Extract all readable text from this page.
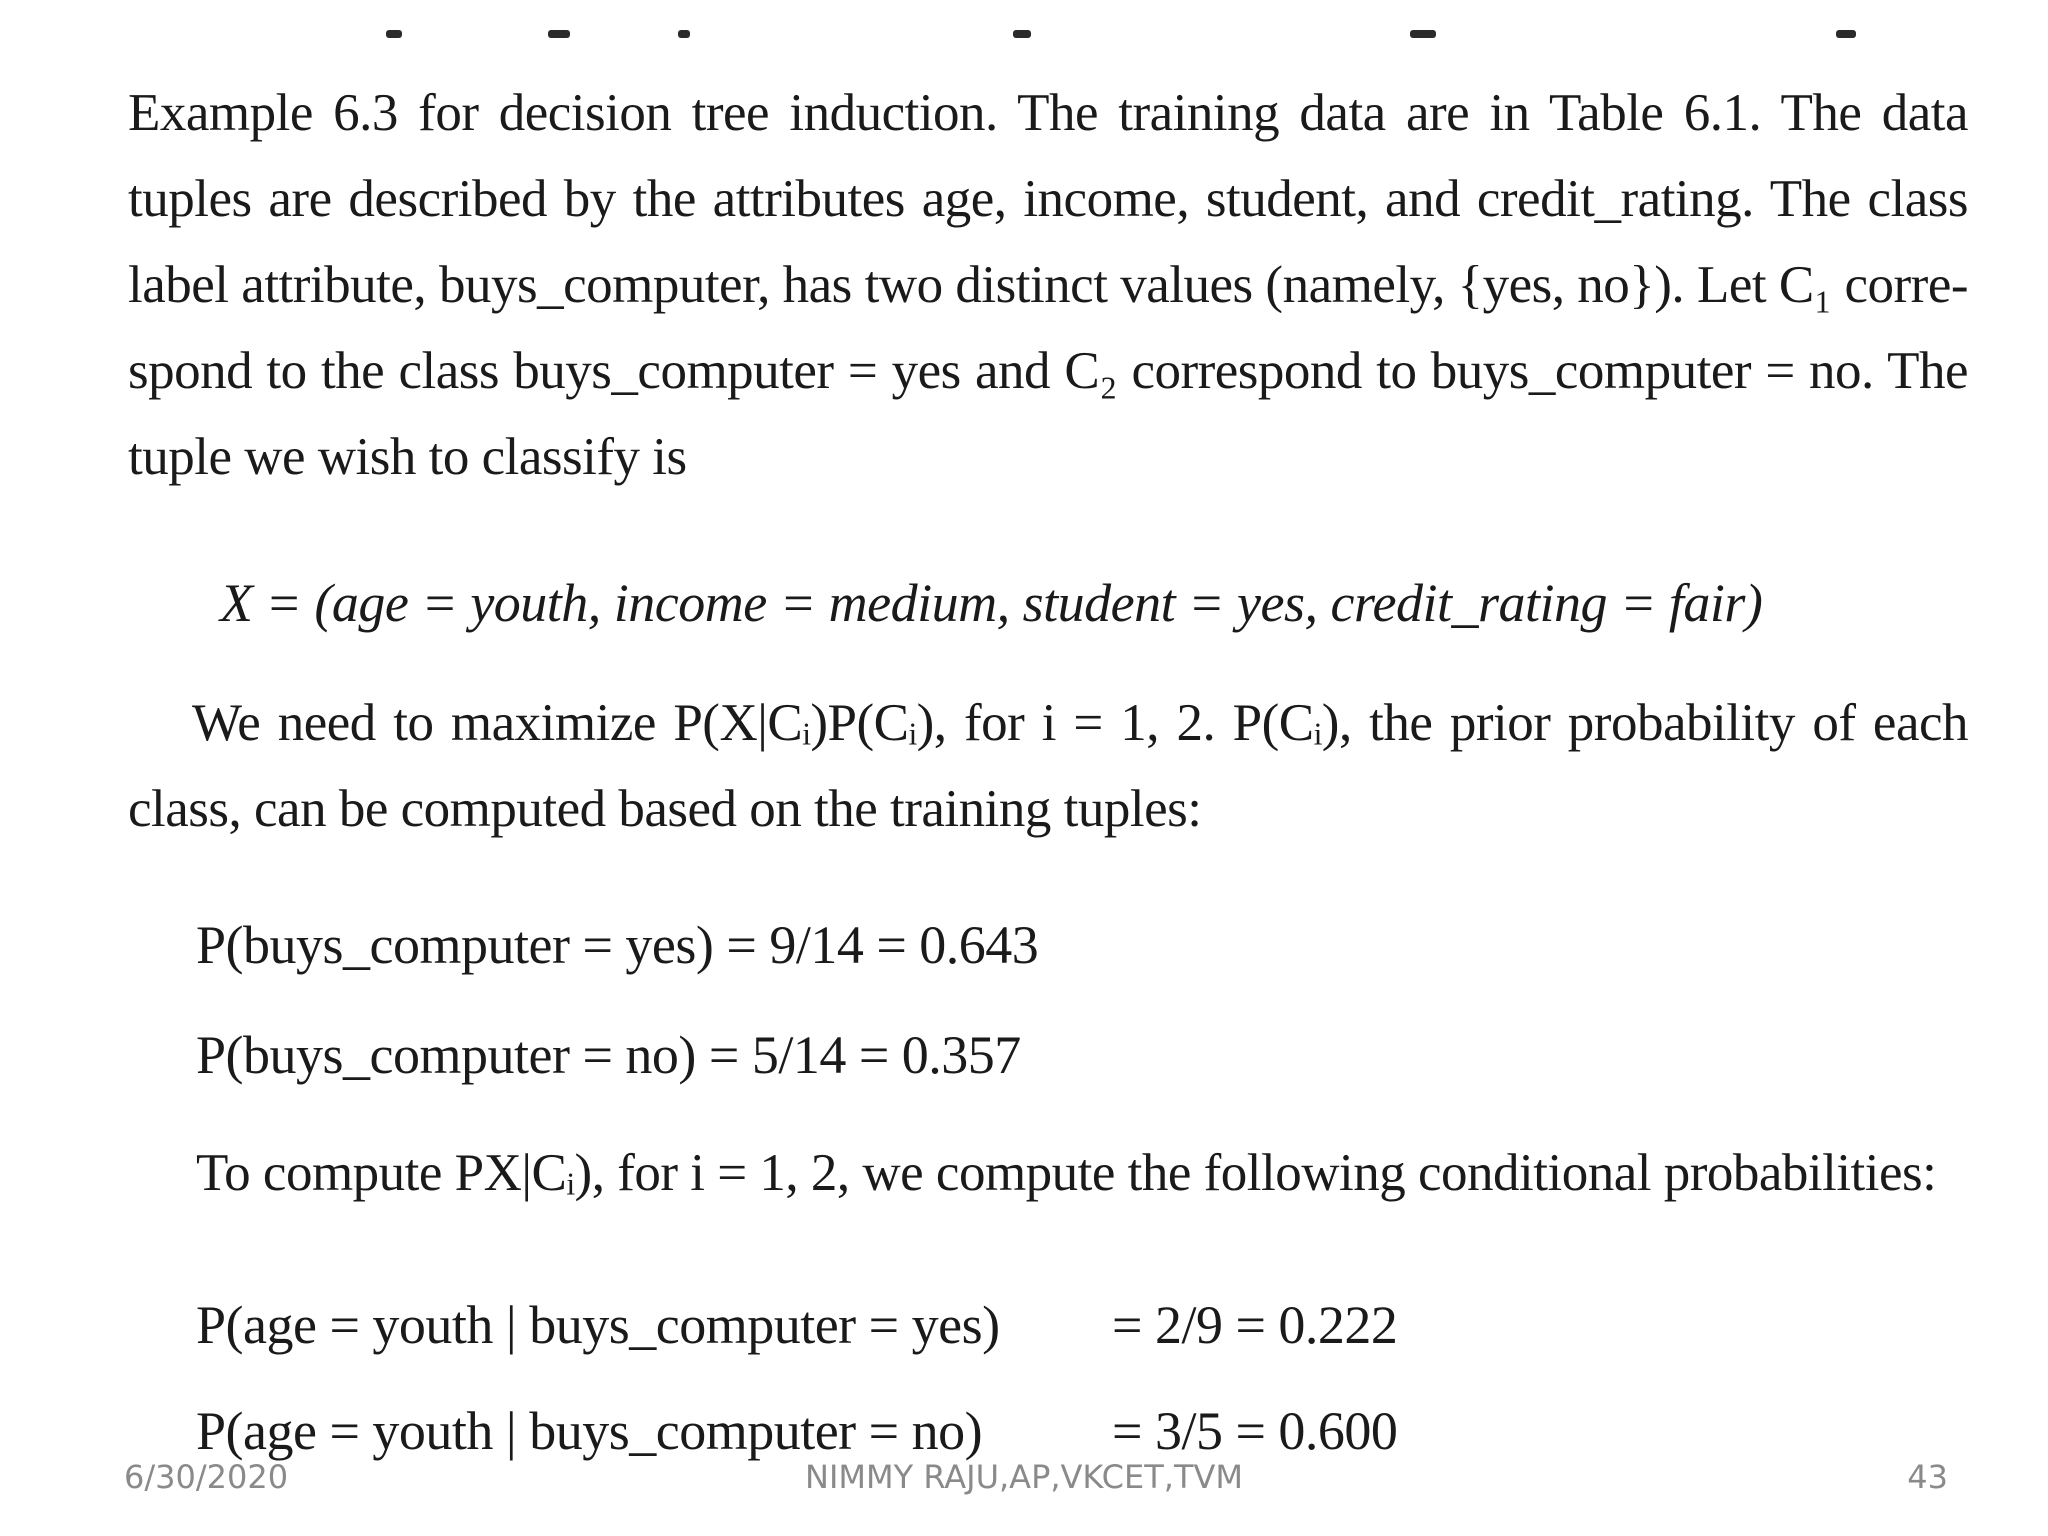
Example 6.3 for decision tree induction. The training data are in Table 6.1. The data
tuples are described by the attributes age, income, student, and credit_rating. The class
label attribute, buys_computer, has two distinct values (namely, {yes, no}). Let C₁ corre-
spond to the class buys_computer = yes and C₂ correspond to buys_computer = no. The
tuple we wish to classify is
X = (age = youth, income = medium, student = yes, credit_rating = fair)
We need to maximize P(X|Cᵢ)P(Cᵢ), for i = 1, 2. P(Cᵢ), the prior probability of each
class, can be computed based on the training tuples:
P(buys_computer = yes) = 9/14 = 0.643
P(buys_computer = no) = 5/14 = 0.357
To compute PX|Cᵢ), for i = 1, 2, we compute the following conditional probabilities:
P(age = youth | buys_computer = yes) = 2/9 = 0.222
P(age = youth | buys_computer = no) = 3/5 = 0.600
6/30/2020	NIMMY RAJU,AP,VKCET,TVM	43
